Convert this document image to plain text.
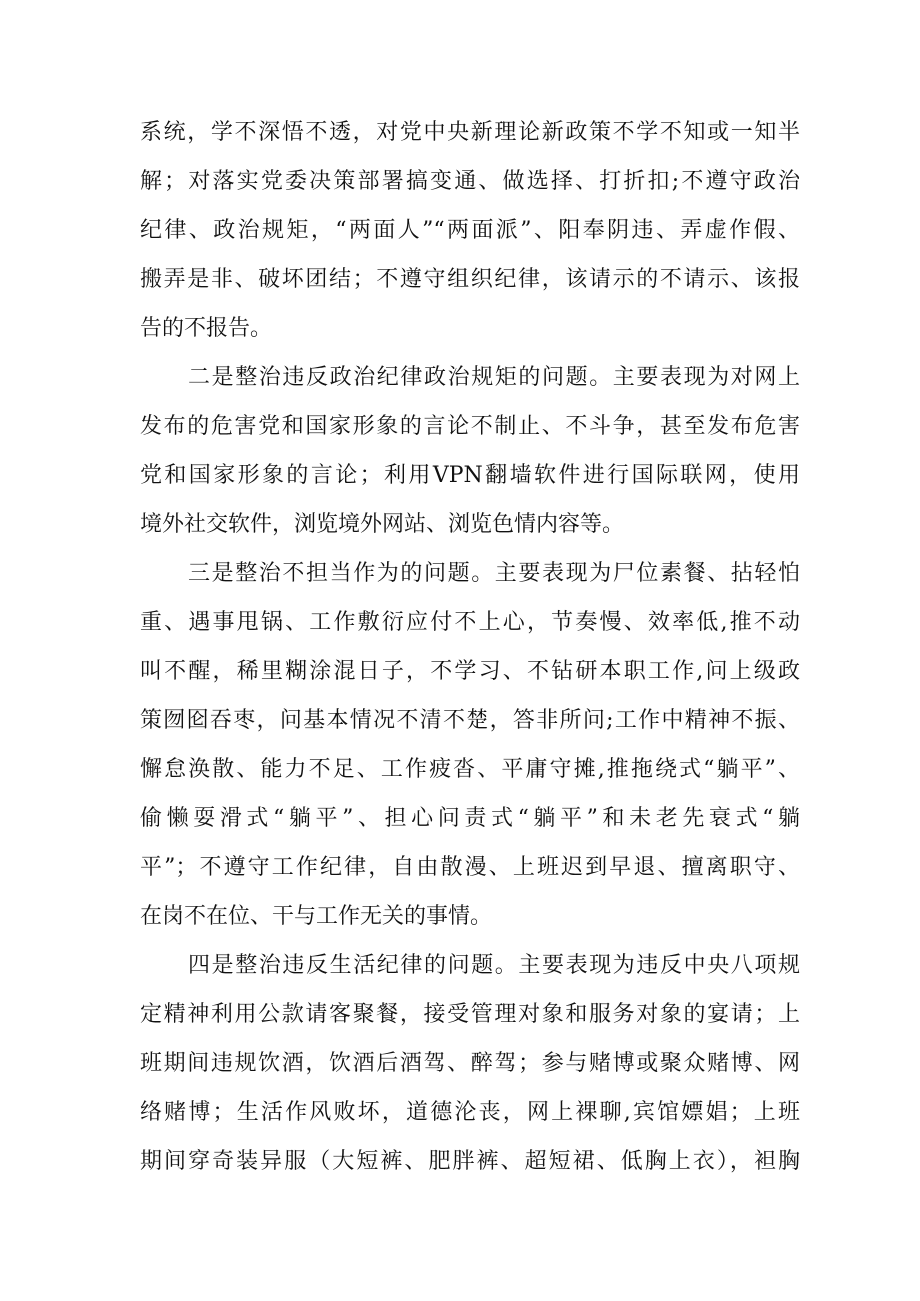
系统，学不深悟不透，对党中央新理论新政策不学不知或一知半
解；对落实党委决策部署搞变通、做选择、打折扣;不遵守政治
纪律、政治规矩，“两面人”“两面派”、阳奉阴违、弄虚作假、
搬弄是非、破坏团结；不遵守组织纪律，该请示的不请示、该报
告的不报告。
二是整治违反政治纪律政治规矩的问题。主要表现为对网上
发布的危害党和国家形象的言论不制止、不斗争，甚至发布危害
党和国家形象的言论；利用VPN翻墙软件进行国际联网，使用
境外社交软件，浏览境外网站、浏览色情内容等。
三是整治不担当作为的问题。主要表现为尸位素餐、拈轻怕
重、遇事甩锅、工作敷衍应付不上心，节奏慢、效率低,推不动
叫不醒，稀里糊涂混日子，不学习、不钻研本职工作,问上级政
策囫囵吞枣，问基本情况不清不楚，答非所问;工作中精神不振、
懈怠涣散、能力不足、工作疲沓、平庸守摊,推拖绕式“躺平”、
偷懒耍滑式“躺平”、担心问责式“躺平”和未老先衰式“躺
平”；不遵守工作纪律，自由散漫、上班迟到早退、擅离职守、
在岗不在位、干与工作无关的事情。
四是整治违反生活纪律的问题。主要表现为违反中央八项规
定精神利用公款请客聚餐，接受管理对象和服务对象的宴请；上
班期间违规饮酒，饮酒后酒驾、醉驾；参与赌博或聚众赌博、网
络赌博；生活作风败坏，道德沦丧，网上裸聊,宾馆嫖娼；上班
期间穿奇装异服（大短裤、肥胖裤、超短裙、低胸上衣），袒胸
